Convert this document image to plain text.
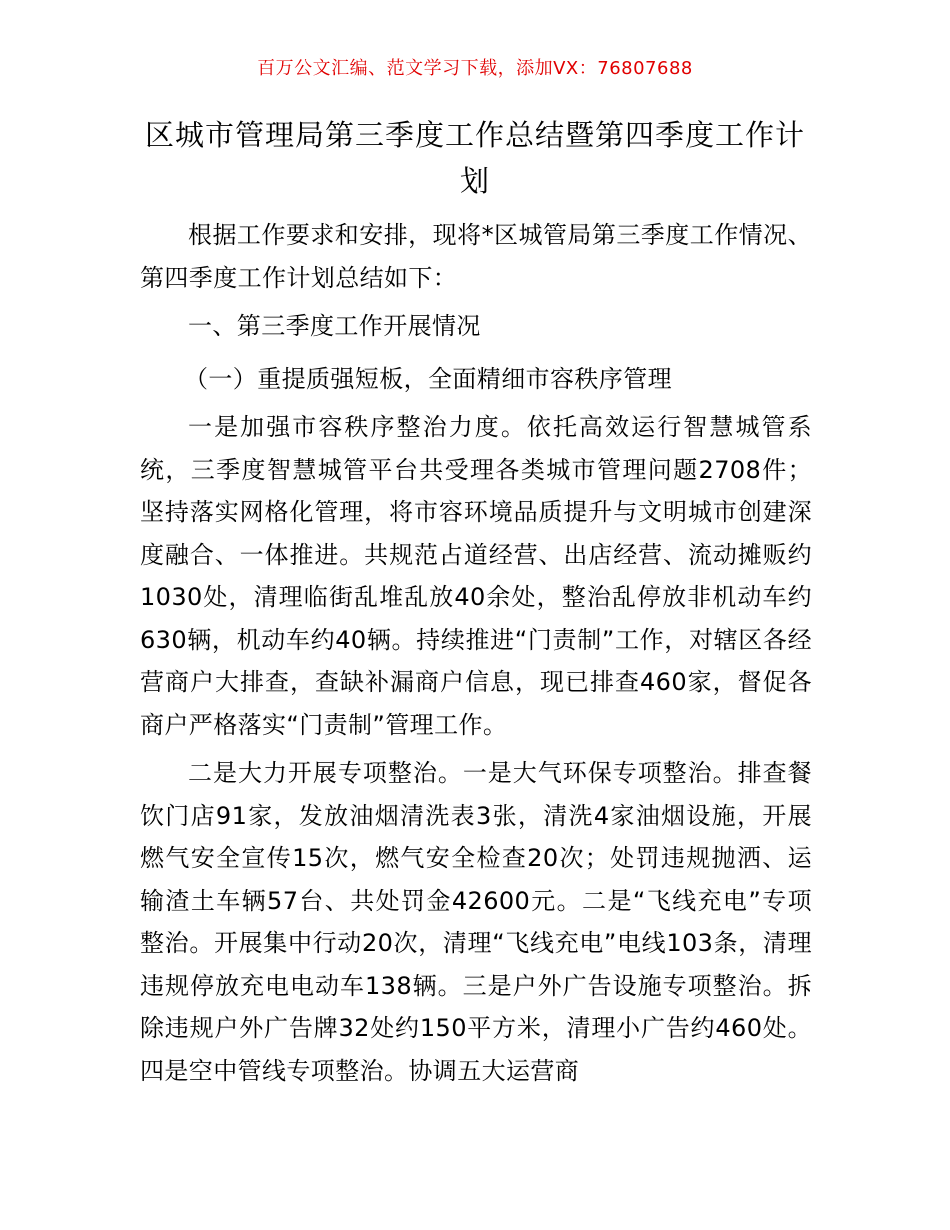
百万公文汇编、范文学习下载，添加VX：76807688
区城市管理局第三季度工作总结暨第四季度工作计划

根据工作要求和安排，现将*区城管局第三季度工作情况、第四季度工作计划总结如下：

一、第三季度工作开展情况

（一）重提质强短板，全面精细市容秩序管理

一是加强市容秩序整治力度。依托高效运行智慧城管系统，三季度智慧城管平台共受理各类城市管理问题2708件；坚持落实网格化管理，将市容环境品质提升与文明城市创建深度融合、一体推进。共规范占道经营、出店经营、流动摊贩约1030处，清理临街乱堆乱放40余处，整治乱停放非机动车约630辆，机动车约40辆。持续推进“门责制”工作，对辖区各经营商户大排查，查缺补漏商户信息，现已排查460家，督促各商户严格落实“门责制”管理工作。

二是大力开展专项整治。一是大气环保专项整治。排查餐饮门店91家，发放油烟清洗表3张，清洗4家油烟设施，开展燃气安全宣传15次，燃气安全检查20次；处罚违规抛洒、运输渣土车辆57台、共处罚金42600元。二是“飞线充电”专项整治。开展集中行动20次，清理“飞线充电”电线103条，清理违规停放充电电动车138辆。三是户外广告设施专项整治。拆除违规户外广告牌32处约150平方米，清理小广告约460处。四是空中管线专项整治。协调五大运营商
